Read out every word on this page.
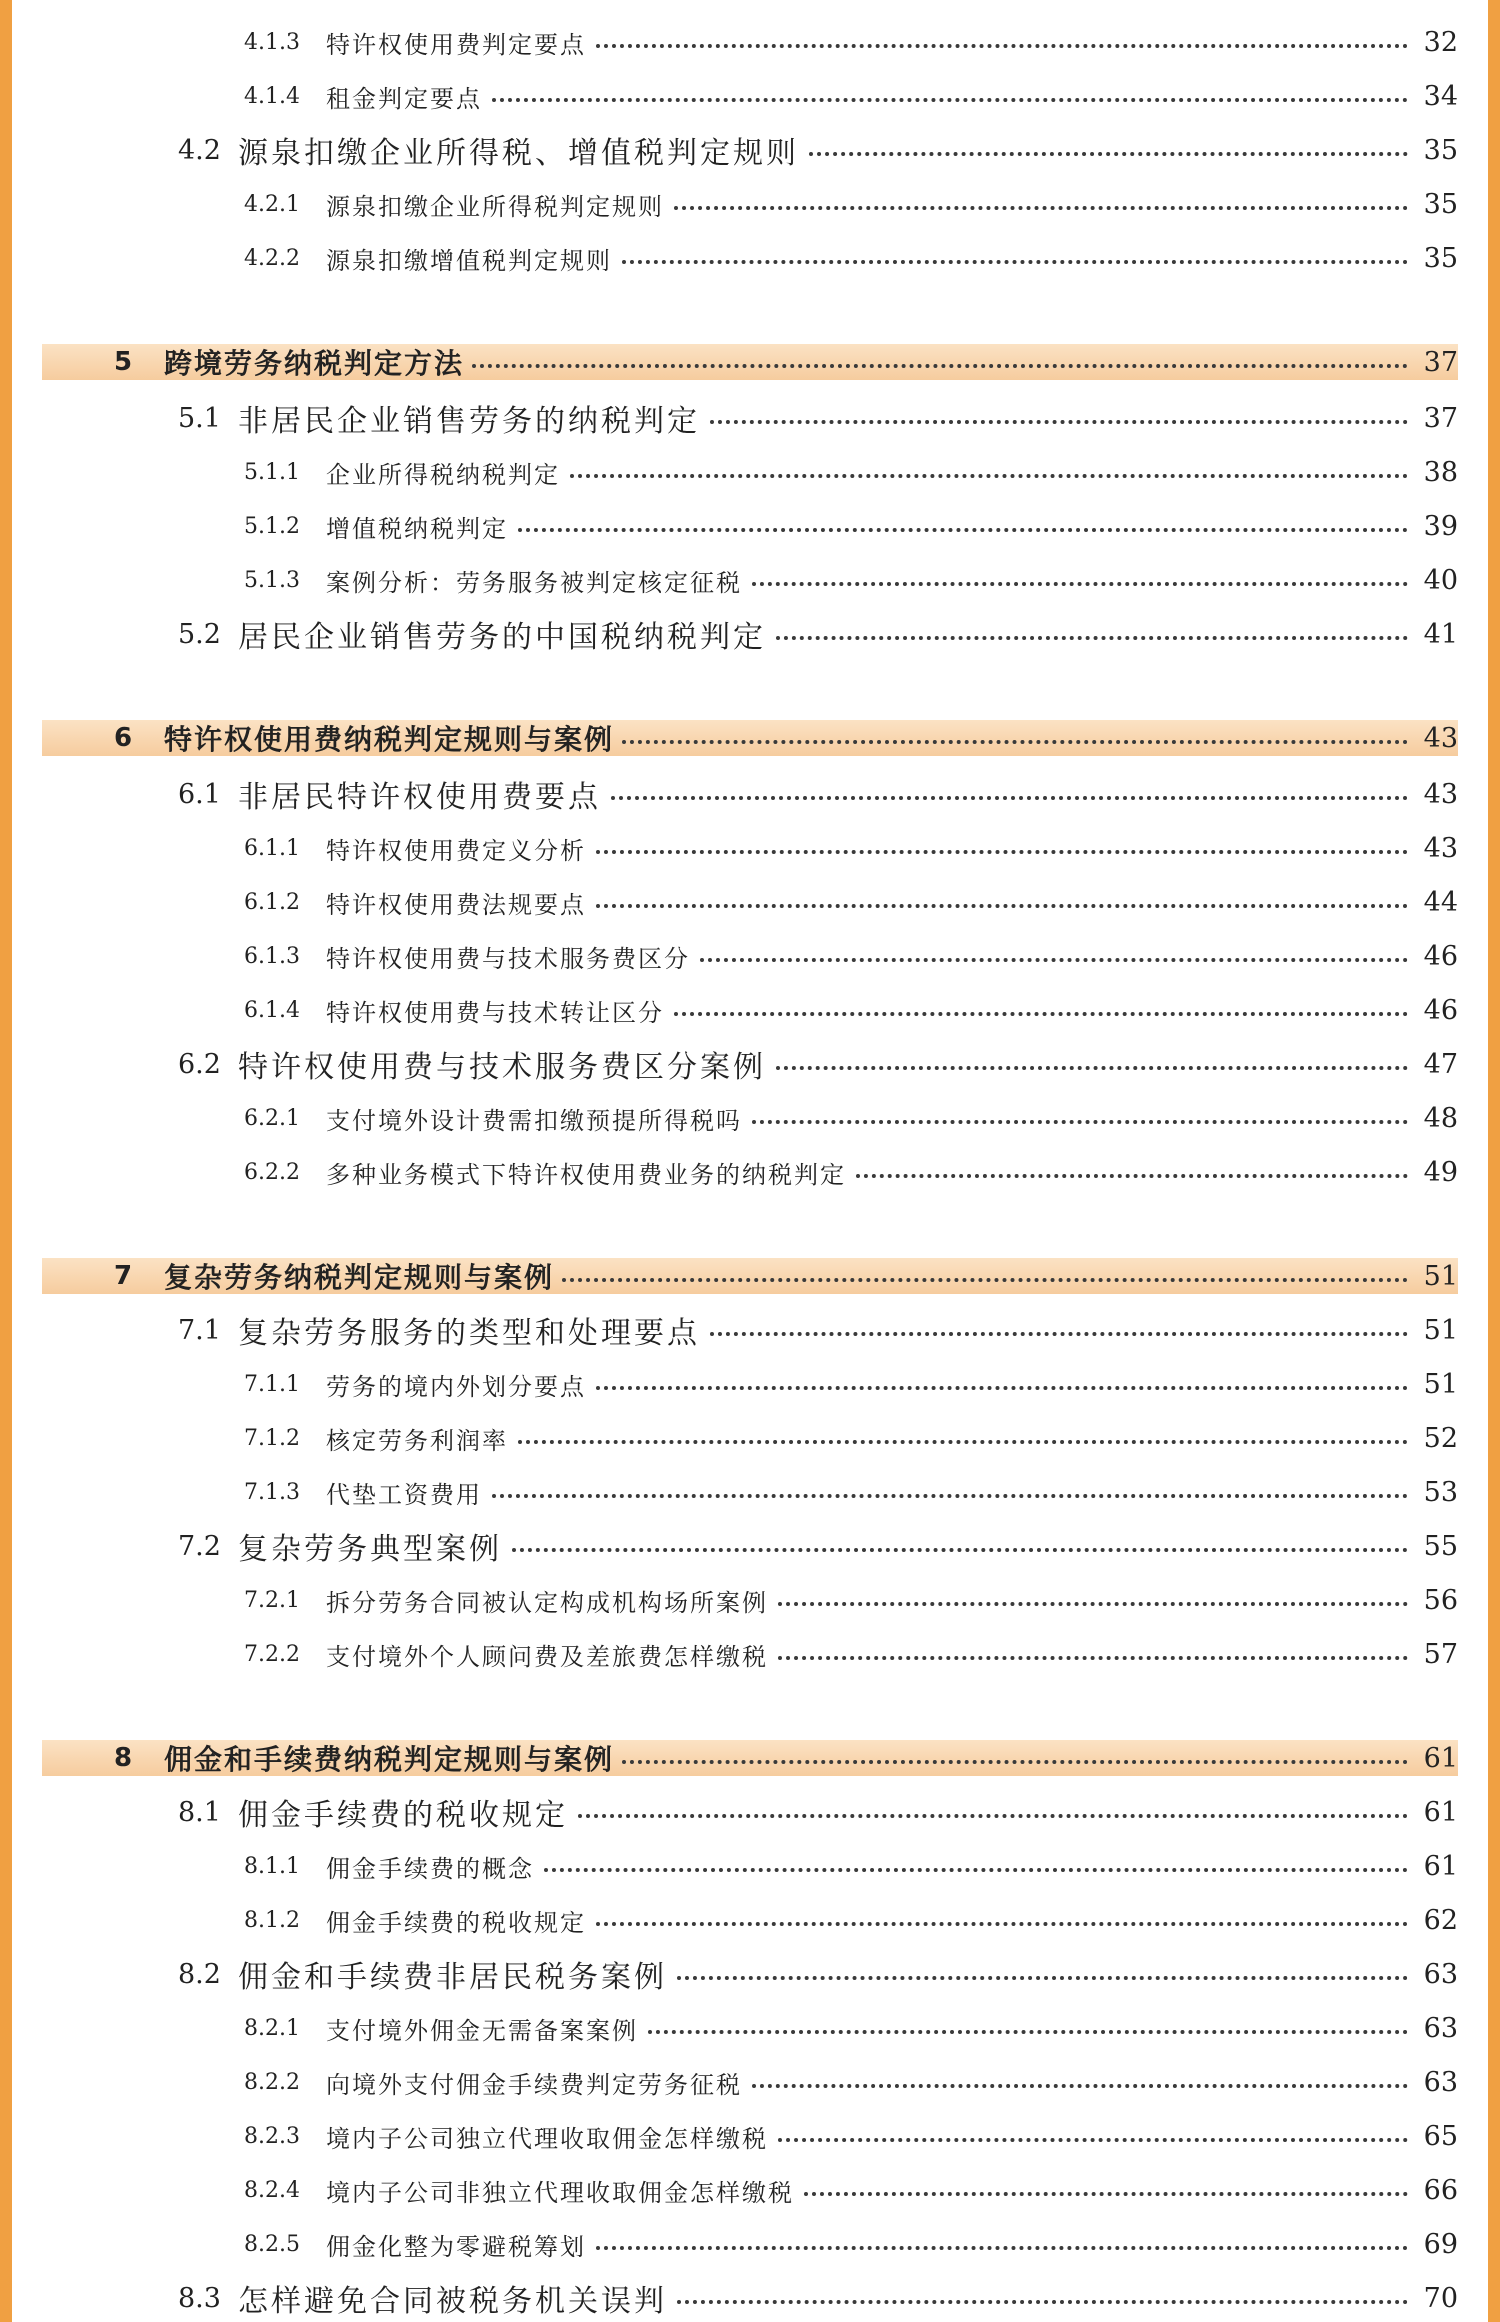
4.1.3	特许权使用费判定要点	32
4.1.4	租金判定要点	34
4.2 源泉扣缴企业所得税、增值税判定规则	35
4.2.1	源泉扣缴企业所得税判定规则	35
4.2.2	源泉扣缴增值税判定规则	35
5	跨境劳务纳税判定方法	37
5.1 非居民企业销售劳务的纳税判定	37
5.1.1	企业所得税纳税判定	38
5.1.2	增值税纳税判定	39
5.1.3	案例分析：劳务服务被判定核定征税	40
5.2 居民企业销售劳务的中国税纳税判定	41
6	特许权使用费纳税判定规则与案例	43
6.1 非居民特许权使用费要点	43
6.1.1	特许权使用费定义分析	43
6.1.2	特许权使用费法规要点	44
6.1.3	特许权使用费与技术服务费区分	46
6.1.4	特许权使用费与技术转让区分	46
6.2 特许权使用费与技术服务费区分案例	47
6.2.1	支付境外设计费需扣缴预提所得税吗	48
6.2.2	多种业务模式下特许权使用费业务的纳税判定	49
7	复杂劳务纳税判定规则与案例	51
7.1 复杂劳务服务的类型和处理要点	51
7.1.1	劳务的境内外划分要点	51
7.1.2	核定劳务利润率	52
7.1.3	代垫工资费用	53
7.2 复杂劳务典型案例	55
7.2.1	拆分劳务合同被认定构成机构场所案例	56
7.2.2	支付境外个人顾问费及差旅费怎样缴税	57
8	佣金和手续费纳税判定规则与案例	61
8.1 佣金手续费的税收规定	61
8.1.1	佣金手续费的概念	61
8.1.2	佣金手续费的税收规定	62
8.2 佣金和手续费非居民税务案例	63
8.2.1	支付境外佣金无需备案案例	63
8.2.2	向境外支付佣金手续费判定劳务征税	63
8.2.3	境内子公司独立代理收取佣金怎样缴税	65
8.2.4	境内子公司非独立代理收取佣金怎样缴税	66
8.2.5	佣金化整为零避税筹划	69
8.3 怎样避免合同被税务机关误判	70
